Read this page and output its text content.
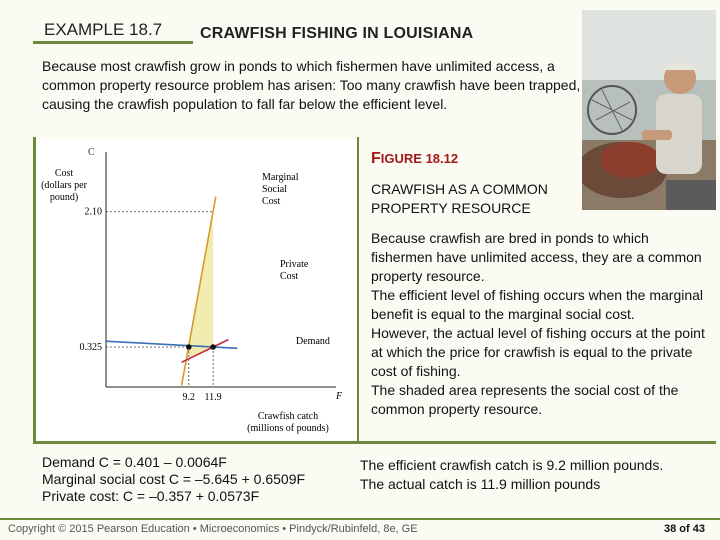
EXAMPLE 18.7 CRAWFISH FISHING IN LOUISIANA
Because most crawfish grow in ponds to which fishermen have unlimited access, a common property resource problem has arisen: Too many crawfish have been trapped, causing the crawfish population to fall far below the efficient level.
2.10
0.325
9.2 11.9
C
Cost (dollars per pound)
Crawfish catch (millions of pounds)
F
Marginal Social Cost
Private Cost
Demand
FIGURE 18.12
CRAWFISH AS A COMMON PROPERTY RESOURCE

Because crawfish are bred in ponds to which fishermen have unlimited access, they are a common property resource.

The efficient level of fishing occurs when the marginal benefit is equal to the marginal social cost.

However, the actual level of fishing occurs at the point at which the price for crawfish is equal to the private cost of fishing.

The shaded area represents the social cost of the common property resource.

Demand C = 0.401 – 0.0064F
Marginal social cost C = –5.645 + 0.6509F
Private cost: C = –0.357 + 0.0573F
The efficient crawfish catch is 9.2 million pounds.
The actual catch is 11.9 million pounds
Copyright © 2015 Pearson Education • Microeconomics • Pindyck/Rubinfeld, 8e, GE	38 of 43
